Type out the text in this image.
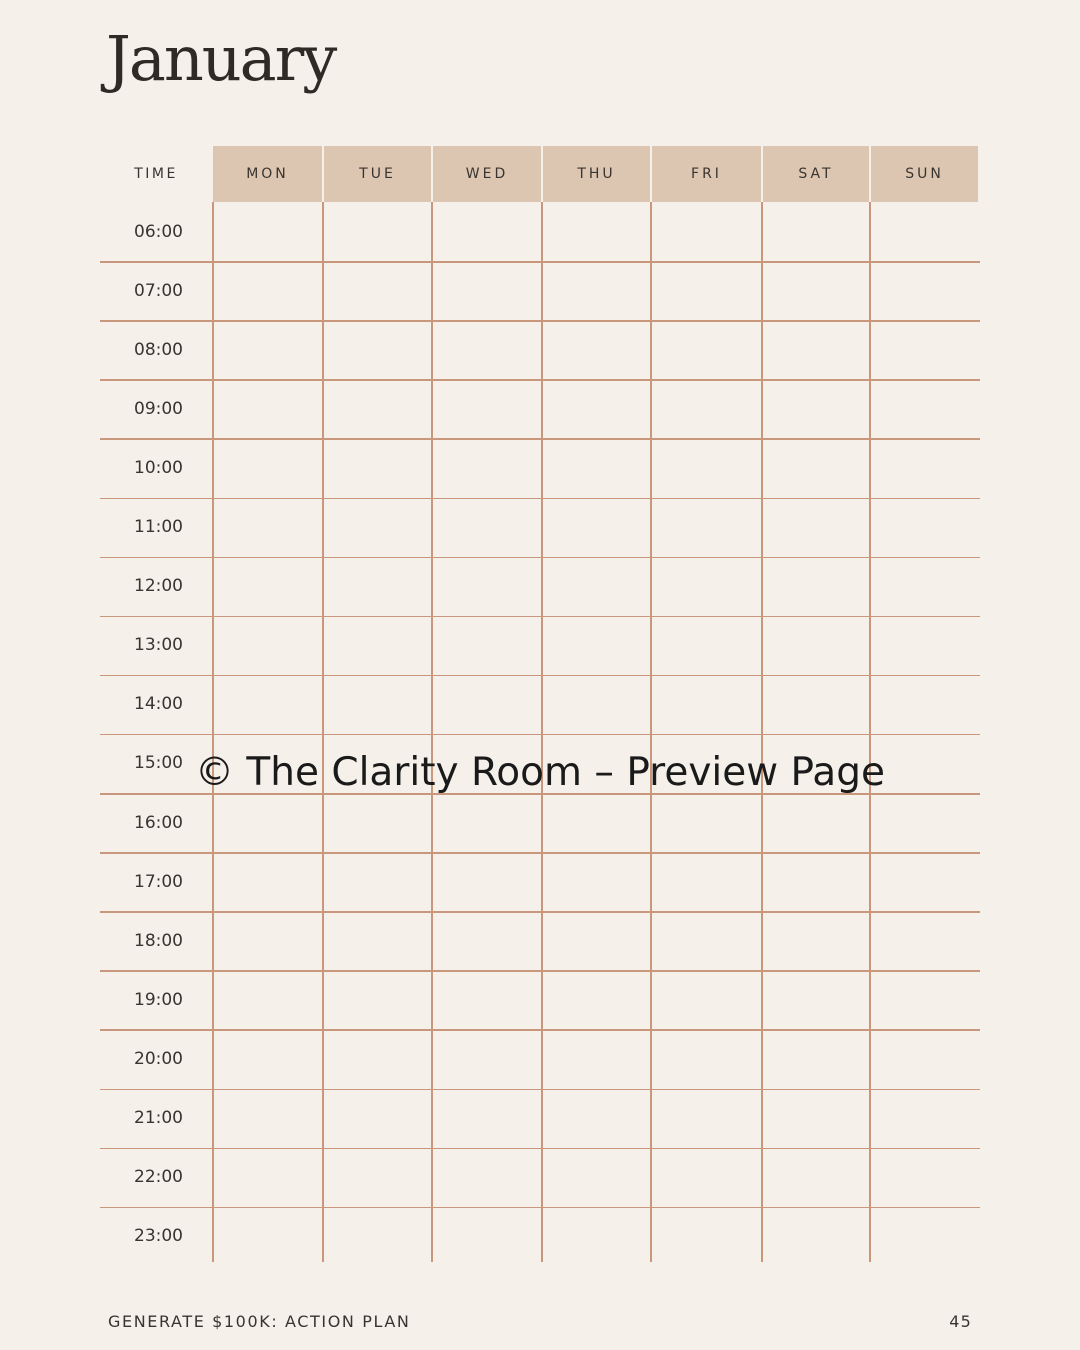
January
TIME	MON	TUE	WED	THU	FRI	SAT	SUN
06:00
07:00
08:00
09:00
10:00
11:00
12:00
13:00
14:00
15:00
16:00
17:00
18:00
19:00
20:00
21:00
22:00
23:00
© The Clarity Room – Preview Page
GENERATE $100K: ACTION PLAN	45
